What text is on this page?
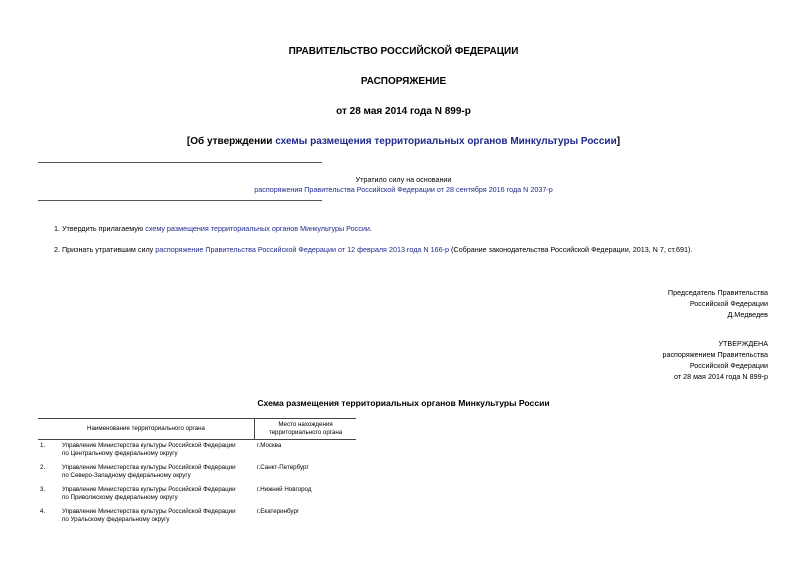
ПРАВИТЕЛЬСТВО РОССИЙСКОЙ ФЕДЕРАЦИИ
РАСПОРЯЖЕНИЕ
от 28 мая 2014 года N 899-р
[Об утверждении схемы размещения территориальных органов Минкультуры России]
Утратило силу на основании
распоряжения Правительства Российской Федерации от 28 сентября 2016 года N 2037-р
1. Утвердить прилагаемую схему размещения территориальных органов Минкультуры России.
2. Признать утратившим силу распоряжение Правительства Российской Федерации от 12 февраля 2013 года N 166-р (Собрание законодательства Российской Федерации, 2013, N 7, ст.691).
Председатель Правительства
Российской Федерации
Д.Медведев
УТВЕРЖДЕНА
распоряжением Правительства
Российской Федерации
от 28 мая 2014 года N 899-р
Схема размещения территориальных органов Минкультуры России
Наименование территориального органа		Место нахождения
территориального органа

1.	Управление Министерства культуры Российской Федерации
по Центральному федеральному округу	г.Москва
2.	Управление Министерства культуры Российской Федерации
по Северо-Западному федеральному округу	г.Санкт-Петербург
3.	Управление Министерства культуры Российской Федерации
по Приволжскому федеральному округу	г.Нижний Новгород
4.	Управление Министерства культуры Российской Федерации
по Уральскому федеральному округу	г.Екатеринбург
